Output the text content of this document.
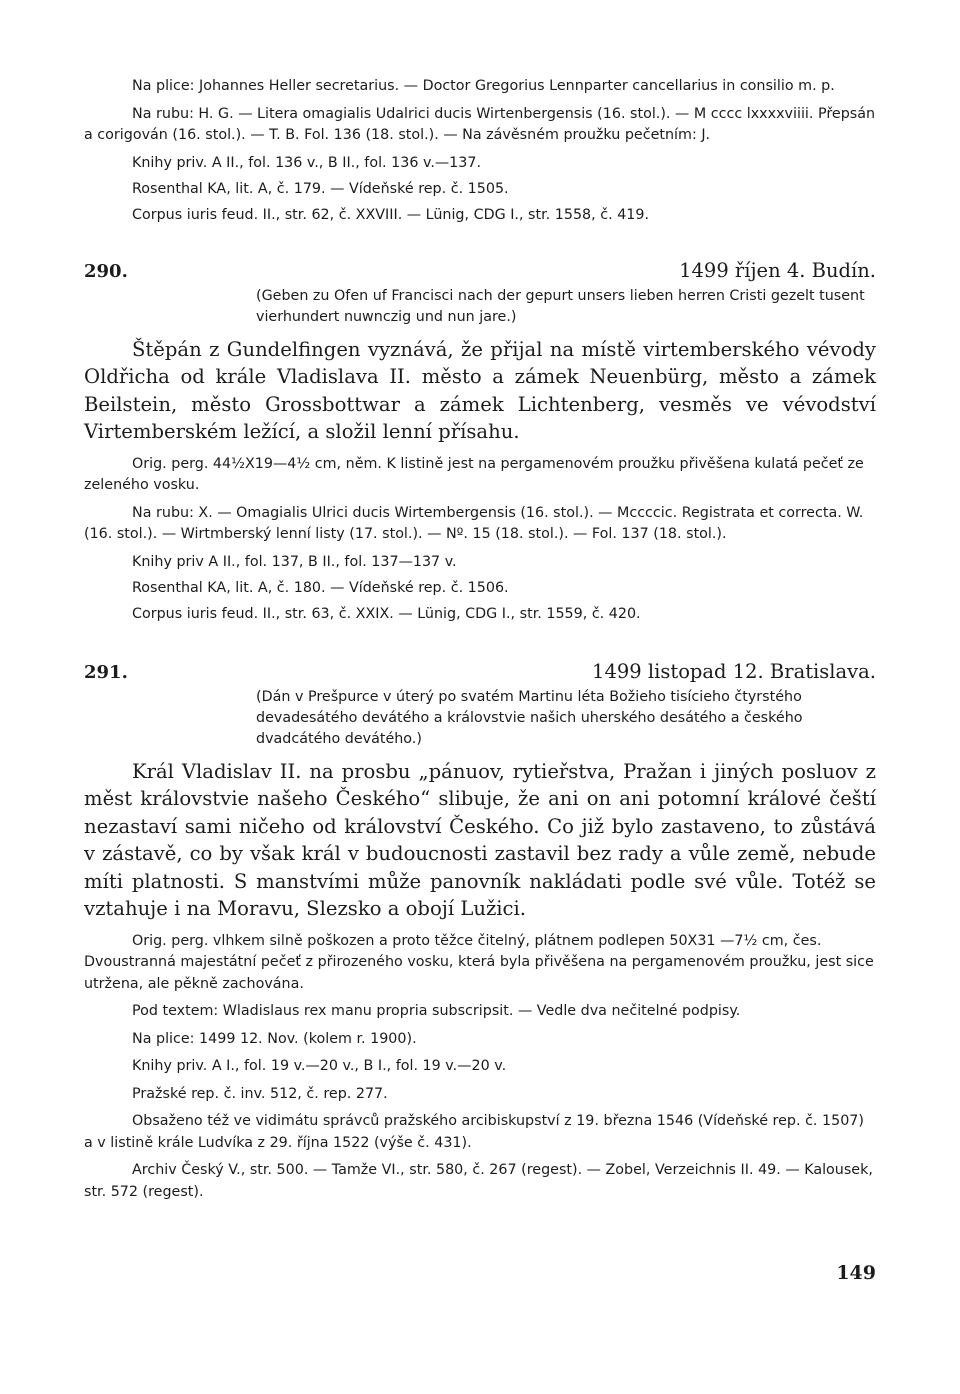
Na plice: Johannes Heller secretarius. — Doctor Gregorius Lennparter cancellarius in consilio m. p.

Na rubu: H. G. — Litera omagialis Udalrici ducis Wirtenbergensis (16. stol.). — M cccc lxxxxviiii. Přepsán a corigován (16. stol.). — T. B. Fol. 136 (18. stol.). — Na závěsném proužku pečetním: J.

Knihy priv. A II., fol. 136 v., B II., fol. 136 v.—137.

Rosenthal KA, lit. A, č. 179. — Vídeňské rep. č. 1505.

Corpus iuris feud. II., str. 62, č. XXVIII. — Lünig, CDG I., str. 1558, č. 419.

290.	1499 říjen 4. Budín.

(Geben zu Ofen uf Francisci nach der gepurt unsers lieben herren Cristi gezelt tusent vierhundert nuwnczig und nun jare.)

Štěpán z Gundelfingen vyznává, že přijal na místě virtemberského vévody Oldřicha od krále Vladislava II. město a zámek Neuenbürg, město a zámek Beilstein, město Grossbottwar a zámek Lichtenberg, vesměs ve vévodství Virtemberském ležící, a složil lenní přísahu.

Orig. perg. 44½X19—4½ cm, něm. K listině jest na pergamenovém proužku přivěšena kulatá pečeť ze zeleného vosku.

Na rubu: X. — Omagialis Ulrici ducis Wirtembergensis (16. stol.). — Mccccic. Registrata et correcta. W. (16. stol.). — Wirtmberský lenní listy (17. stol.). — Nº. 15 (18. stol.). — Fol. 137 (18. stol.).

Knihy priv A II., fol. 137, B II., fol. 137—137 v.

Rosenthal KA, lit. A, č. 180. — Vídeňské rep. č. 1506.

Corpus iuris feud. II., str. 63, č. XXIX. — Lünig, CDG I., str. 1559, č. 420.

291.	1499 listopad 12. Bratislava.

(Dán v Prešpurce v úterý po svatém Martinu léta Božieho tisícieho čtyrstého devadesátého devátého a královstvie našich uherského desátého a českého dvadcátého devátého.)

Král Vladislav II. na prosbu „pánuov, rytieřstva, Pražan i jiných posluov z měst královstvie našeho Českého“ slibuje, že ani on ani potomní králové čeští nezastaví sami ničeho od království Českého. Co již bylo zastaveno, to zůstává v zástavě, co by však král v budoucnosti zastavil bez rady a vůle země, nebude míti platnosti. S manstvími může panovník nakládati podle své vůle. Totéž se vztahuje i na Moravu, Slezsko a obojí Lužici.

Orig. perg. vlhkem silně poškozen a proto těžce čitelný, plátnem podlepen 50X31 —7½ cm, čes. Dvoustranná majestátní pečeť z přirozeného vosku, která byla přivěšena na pergamenovém proužku, jest sice utržena, ale pěkně zachována.

Pod textem: Wladislaus rex manu propria subscripsit. — Vedle dva nečitelné podpisy.

Na plice: 1499 12. Nov. (kolem r. 1900).

Knihy priv. A I., fol. 19 v.—20 v., B I., fol. 19 v.—20 v.

Pražské rep. č. inv. 512, č. rep. 277.

Obsaženo též ve vidimátu správců pražského arcibiskupství z 19. března 1546 (Vídeňské rep. č. 1507) a v listině krále Ludvíka z 29. října 1522 (výše č. 431).

Archiv Český V., str. 500. — Tamže VI., str. 580, č. 267 (regest). — Zobel, Verzeichnis II. 49. — Kalousek, str. 572 (regest).

149
